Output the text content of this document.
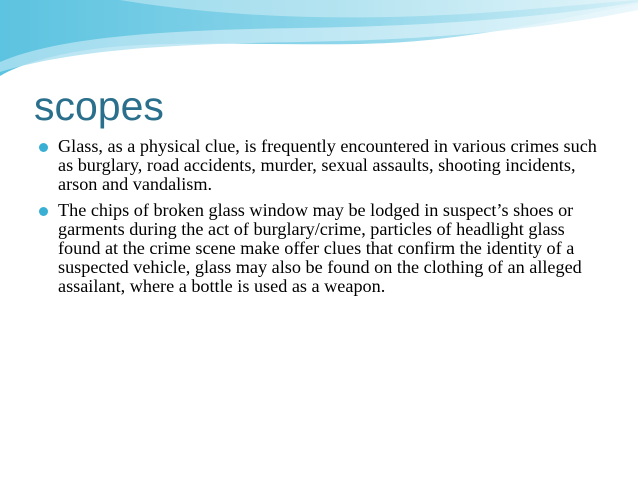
scopes
Glass, as a physical clue, is frequently encountered in various crimes such as burglary, road accidents, murder, sexual assaults, shooting incidents, arson and vandalism.
The chips of broken glass window may be lodged in suspect’s shoes or garments during the act of burglary/crime, particles of headlight glass found at the crime scene make offer clues that confirm the identity of a suspected vehicle, glass may also be found on the clothing of an alleged assailant, where a bottle is used as a weapon.
